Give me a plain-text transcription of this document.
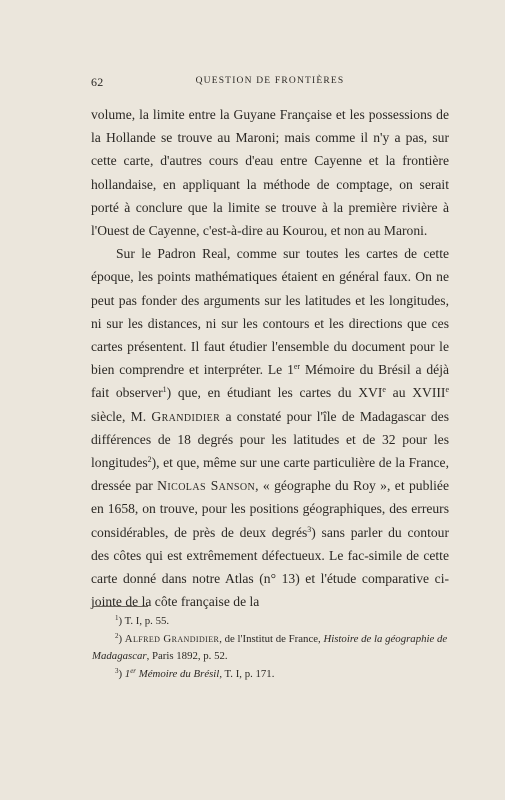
62	QUESTION DE FRONTIÈRES

volume, la limite entre la Guyane Française et les possessions de la Hollande se trouve au Maroni; mais comme il n'y a pas, sur cette carte, d'autres cours d'eau entre Cayenne et la frontière hollandaise, en appliquant la méthode de comptage, on serait porté à conclure que la limite se trouve à la première rivière à l'Ouest de Cayenne, c'est-à-dire au Kourou, et non au Maroni.

Sur le Padron Real, comme sur toutes les cartes de cette époque, les points mathématiques étaient en général faux. On ne peut pas fonder des arguments sur les latitudes et les longitudes, ni sur les distances, ni sur les contours et les directions que ces cartes présentent. Il faut étudier l'ensemble du document pour le bien comprendre et interpréter. Le 1er Mémoire du Brésil a déjà fait observer$^1$) que, en étudiant les cartes du XVIe au XVIIIe siècle, M. Grandidier a constaté pour l'île de Madagascar des différences de 18 degrés pour les latitudes et de 32 pour les longitudes$^2$), et que, même sur une carte particulière de la France, dressée par Nicolas Sanson, « géographe du Roy », et publiée en 1658, on trouve, pour les positions géographiques, des erreurs considérables, de près de deux degrés$^3$) sans parler du contour des côtes qui est extrêmement défectueux. Le fac-simile de cette carte donné dans notre Atlas (n° 13) et l'étude comparative ci-jointe de la côte française de la

$^1$) T. I, p. 55.

$^2$) Alfred Grandidier, de l'Institut de France, Histoire de la géographie de Madagascar, Paris 1892, p. 52.

$^3$) 1er Mémoire du Brésil, T. I, p. 171.
